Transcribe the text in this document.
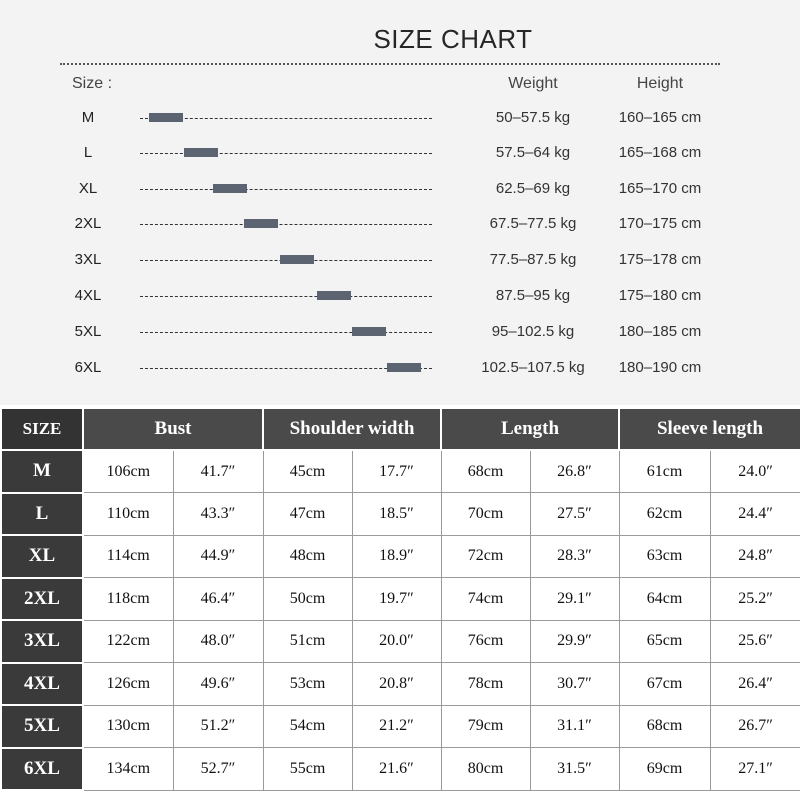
SIZE CHART
Size :	Weight	Height
M	50–57.5 kg	160–165 cm
L	57.5–64 kg	165–168 cm
XL	62.5–69 kg	165–170 cm
2XL	67.5–77.5 kg	170–175 cm
3XL	77.5–87.5 kg	175–178 cm
4XL	87.5–95 kg	175–180 cm
5XL	95–102.5 kg	180–185 cm
6XL	102.5–107.5 kg	180–190 cm
SIZE	Bust		Shoulder width		Length		Sleeve length	
M	106cm	41.7″	45cm	17.7″	68cm	26.8″	61cm	24.0″
L	110cm	43.3″	47cm	18.5″	70cm	27.5″	62cm	24.4″
XL	114cm	44.9″	48cm	18.9″	72cm	28.3″	63cm	24.8″
2XL	118cm	46.4″	50cm	19.7″	74cm	29.1″	64cm	25.2″
3XL	122cm	48.0″	51cm	20.0″	76cm	29.9″	65cm	25.6″
4XL	126cm	49.6″	53cm	20.8″	78cm	30.7″	67cm	26.4″
5XL	130cm	51.2″	54cm	21.2″	79cm	31.1″	68cm	26.7″
6XL	134cm	52.7″	55cm	21.6″	80cm	31.5″	69cm	27.1″
